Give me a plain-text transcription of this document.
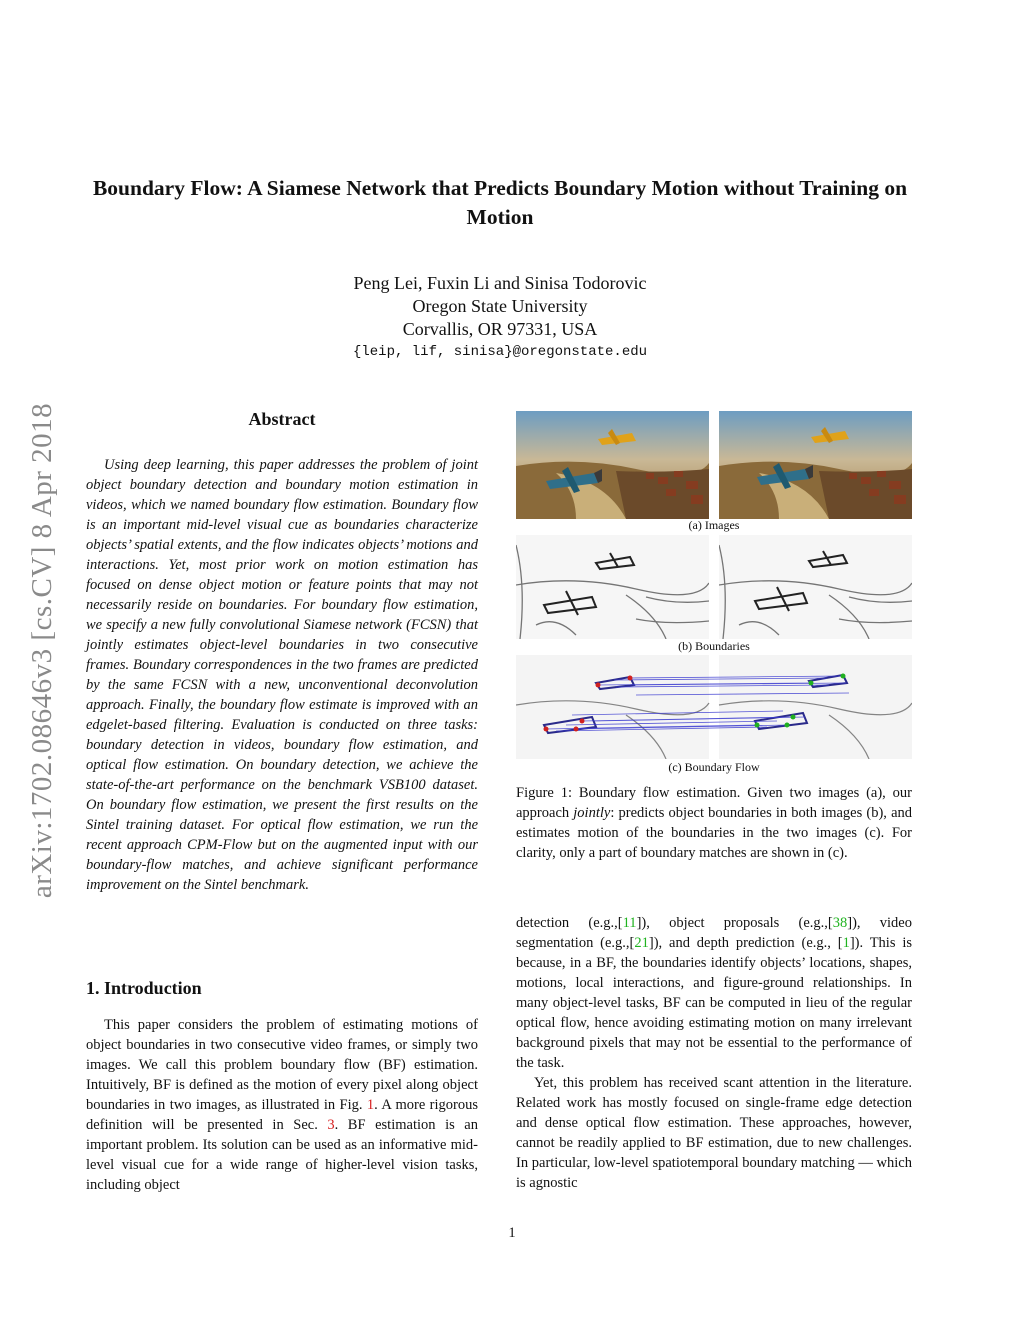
arXiv:1702.08646v3 [cs.CV] 8 Apr 2018
Boundary Flow: A Siamese Network that Predicts Boundary Motion without Training on Motion
Peng Lei, Fuxin Li and Sinisa Todorovic
Oregon State University
Corvallis, OR 97331, USA
{leip, lif, sinisa}@oregonstate.edu
Abstract

Using deep learning, this paper addresses the problem of joint object boundary detection and boundary motion estimation in videos, which we named boundary flow estimation. Boundary flow is an important mid-level visual cue as boundaries characterize objects’ spatial extents, and the flow indicates objects’ motions and interactions. Yet, most prior work on motion estimation has focused on dense object motion or feature points that may not necessarily reside on boundaries. For boundary flow estimation, we specify a new fully convolutional Siamese network (FCSN) that jointly estimates object-level boundaries in two consecutive frames. Boundary correspondences in the two frames are predicted by the same FCSN with a new, unconventional deconvolution approach. Finally, the boundary flow estimate is improved with an edgelet-based filtering. Evaluation is conducted on three tasks: boundary detection in videos, boundary flow estimation, and optical flow estimation. On boundary detection, we achieve the state-of-the-art performance on the benchmark VSB100 dataset. On boundary flow estimation, we present the first results on the Sintel training dataset. For optical flow estimation, we run the recent approach CPM-Flow but on the augmented input with our boundary-flow matches, and achieve significant performance improvement on the Sintel benchmark.

1. Introduction

This paper considers the problem of estimating motions of object boundaries in two consecutive video frames, or simply two images. We call this problem boundary flow (BF) estimation. Intuitively, BF is defined as the motion of every pixel along object boundaries in two images, as illustrated in Fig. 1. A more rigorous definition will be presented in Sec. 3. BF estimation is an important problem. Its solution can be used as an informative mid-level visual cue for a wide range of higher-level vision tasks, including object

(a) Images
(b) Boundaries
(c) Boundary Flow

Figure 1: Boundary flow estimation. Given two images (a), our approach jointly: predicts object boundaries in both images (b), and estimates motion of the boundaries in the two images (c). For clarity, only a part of boundary matches are shown in (c).

detection (e.g.,[11]), object proposals (e.g.,[38]), video segmentation (e.g.,[21]), and depth prediction (e.g., [1]). This is because, in a BF, the boundaries identify objects’ locations, shapes, motions, local interactions, and figure-ground relationships. In many object-level tasks, BF can be computed in lieu of the regular optical flow, hence avoiding estimating motion on many irrelevant background pixels that may not be essential to the performance of the task.

Yet, this problem has received scant attention in the literature. Related work has mostly focused on single-frame edge detection and dense optical flow estimation. These approaches, however, cannot be readily applied to BF estimation, due to new challenges. In particular, low-level spatiotemporal boundary matching — which is agnostic

1
